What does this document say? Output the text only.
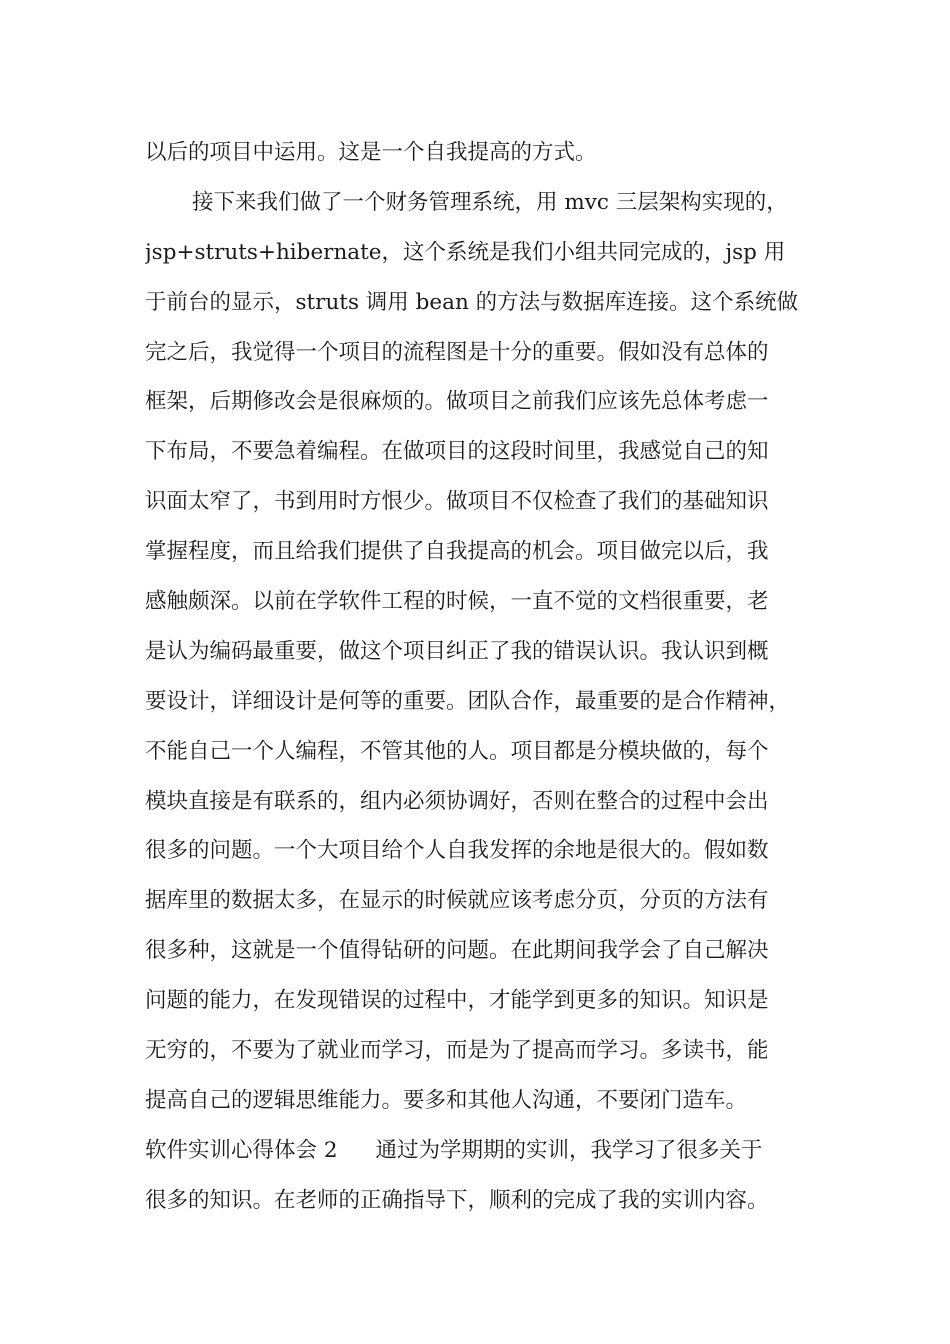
以后的项目中运用。这是一个自我提高的方式。
接下来我们做了一个财务管理系统，用 mvc 三层架构实现的，
jsp+struts+hibernate，这个系统是我们小组共同完成的，jsp 用
于前台的显示，struts 调用 bean 的方法与数据库连接。这个系统做
完之后，我觉得一个项目的流程图是十分的重要。假如没有总体的
框架，后期修改会是很麻烦的。做项目之前我们应该先总体考虑一
下布局，不要急着编程。在做项目的这段时间里，我感觉自己的知
识面太窄了，书到用时方恨少。做项目不仅检查了我们的基础知识
掌握程度，而且给我们提供了自我提高的机会。项目做完以后，我
感触颇深。以前在学软件工程的时候，一直不觉的文档很重要，老
是认为编码最重要，做这个项目纠正了我的错误认识。我认识到概
要设计，详细设计是何等的重要。团队合作，最重要的是合作精神，
不能自己一个人编程，不管其他的人。项目都是分模块做的，每个
模块直接是有联系的，组内必须协调好，否则在整合的过程中会出
很多的问题。一个大项目给个人自我发挥的余地是很大的。假如数
据库里的数据太多，在显示的时候就应该考虑分页，分页的方法有
很多种，这就是一个值得钻研的问题。在此期间我学会了自己解决
问题的能力，在发现错误的过程中，才能学到更多的知识。知识是
无穷的，不要为了就业而学习，而是为了提高而学习。多读书，能
提高自己的逻辑思维能力。要多和其他人沟通，不要闭门造车。
软件实训心得体会 2 通过为学期期的实训，我学习了很多关于
很多的知识。在老师的正确指导下，顺利的完成了我的实训内容。
